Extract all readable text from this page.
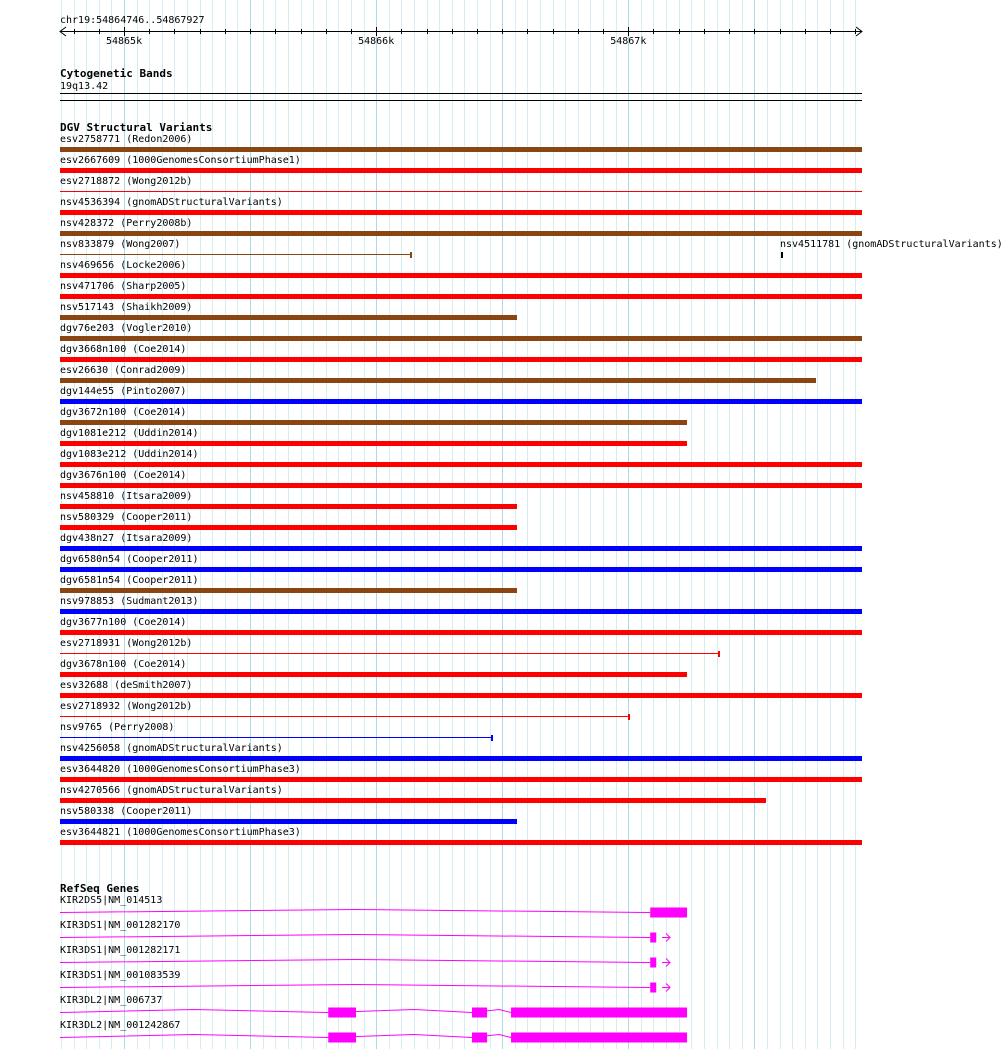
chr19:54864746..54867927
54865k	54866k	54867k
Cytogenetic Bands
19q13.42
DGV Structural Variants
esv2758771 (Redon2006)
esv2667609 (1000GenomesConsortiumPhase1)
esv2718872 (Wong2012b)
nsv4536394 (gnomADStructuralVariants)
nsv428372 (Perry2008b)
nsv833879 (Wong2007)	nsv4511781 (gnomADStructuralVariants)
nsv469656 (Locke2006)
nsv471706 (Sharp2005)
nsv517143 (Shaikh2009)
dgv76e203 (Vogler2010)
dgv3668n100 (Coe2014)
esv26630 (Conrad2009)
dgv144e55 (Pinto2007)
dgv3672n100 (Coe2014)
dgv1081e212 (Uddin2014)
dgv1083e212 (Uddin2014)
dgv3676n100 (Coe2014)
nsv458810 (Itsara2009)
nsv580329 (Cooper2011)
dgv438n27 (Itsara2009)
dgv6580n54 (Cooper2011)
dgv6581n54 (Cooper2011)
nsv978853 (Sudmant2013)
dgv3677n100 (Coe2014)
esv2718931 (Wong2012b)
dgv3678n100 (Coe2014)
esv32688 (deSmith2007)
esv2718932 (Wong2012b)
nsv9765 (Perry2008)
nsv4256058 (gnomADStructuralVariants)
esv3644820 (1000GenomesConsortiumPhase3)
nsv4270566 (gnomADStructuralVariants)
nsv580338 (Cooper2011)
esv3644821 (1000GenomesConsortiumPhase3)
RefSeq Genes
KIR2DS5|NM_014513
KIR3DS1|NM_001282170
KIR3DS1|NM_001282171
KIR3DS1|NM_001083539
KIR3DL2|NM_006737
KIR3DL2|NM_001242867
